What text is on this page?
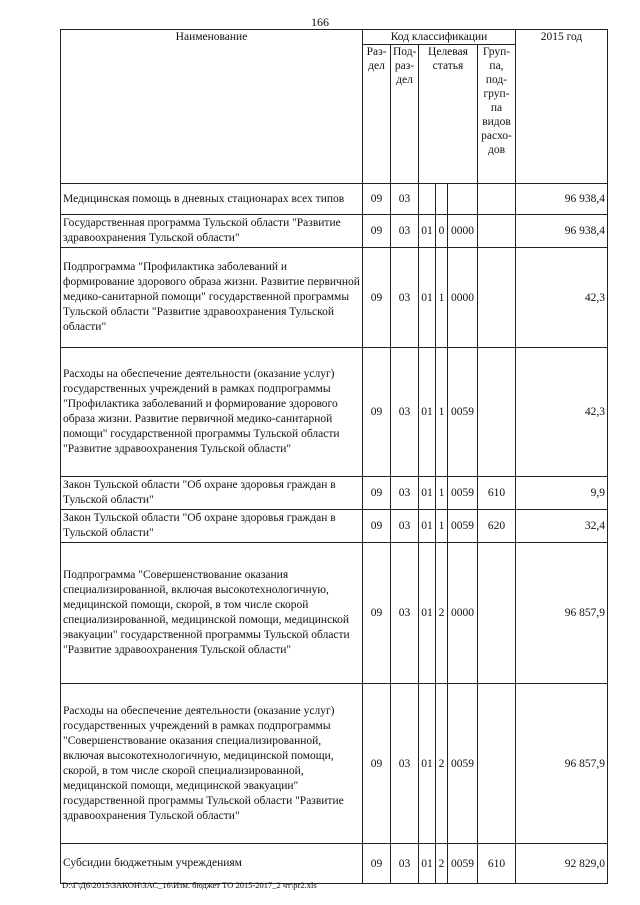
166
Наименование	Код классификации						2015 год
	Раз- дел	Под- раз- дел	Целевая статья			Груп- па, под- груп- па видов расхо- дов	
Медицинская помощь в дневных стационарах всех типов	09	03					96 938,4
Государственная программа Тульской области "Развитие здравоохранения Тульской области"	09	03	01	0	0000		96 938,4
Подпрограмма "Профилактика заболеваний и формирование здорового образа жизни. Развитие первичной медико-санитарной помощи" государственной программы Тульской области "Развитие здравоохранения Тульской области"	09	03	01	1	0000		42,3
Расходы на обеспечение деятельности (оказание услуг) государственных учреждений в рамках подпрограммы "Профилактика заболеваний и формирование здорового образа жизни. Развитие первичной медико-санитарной помощи" государственной программы Тульской области "Развитие здравоохранения Тульской области"	09	03	01	1	0059		42,3
Закон Тульской области "Об охране здоровья граждан в Тульской области"	09	03	01	1	0059	610	9,9
Закон Тульской области "Об охране здоровья граждан в Тульской области"	09	03	01	1	0059	620	32,4
Подпрограмма "Совершенствование оказания специализированной, включая высокотехнологичную, медицинской помощи, скорой, в том числе скорой специализированной, медицинской помощи, медицинской эвакуации" государственной программы Тульской области "Развитие здравоохранения Тульской области"	09	03	01	2	0000		96 857,9
Расходы на обеспечение деятельности (оказание услуг) государственных учреждений в рамках подпрограммы "Совершенствование оказания специализированной, включая высокотехнологичную, медицинской помощи, скорой, в том числе скорой специализированной, медицинской помощи, медицинской эвакуации" государственной программы Тульской области "Развитие здравоохранения Тульской области"	09	03	01	2	0059		96 857,9
Субсидии бюджетным учреждениям	09	03	01	2	0059	610	92 829,0
D:\Г\Д6\2015\ЗАКОН\ЗАС_16\Изм. бюджет ТО 2015-2017_2 чт\pr2.xls
